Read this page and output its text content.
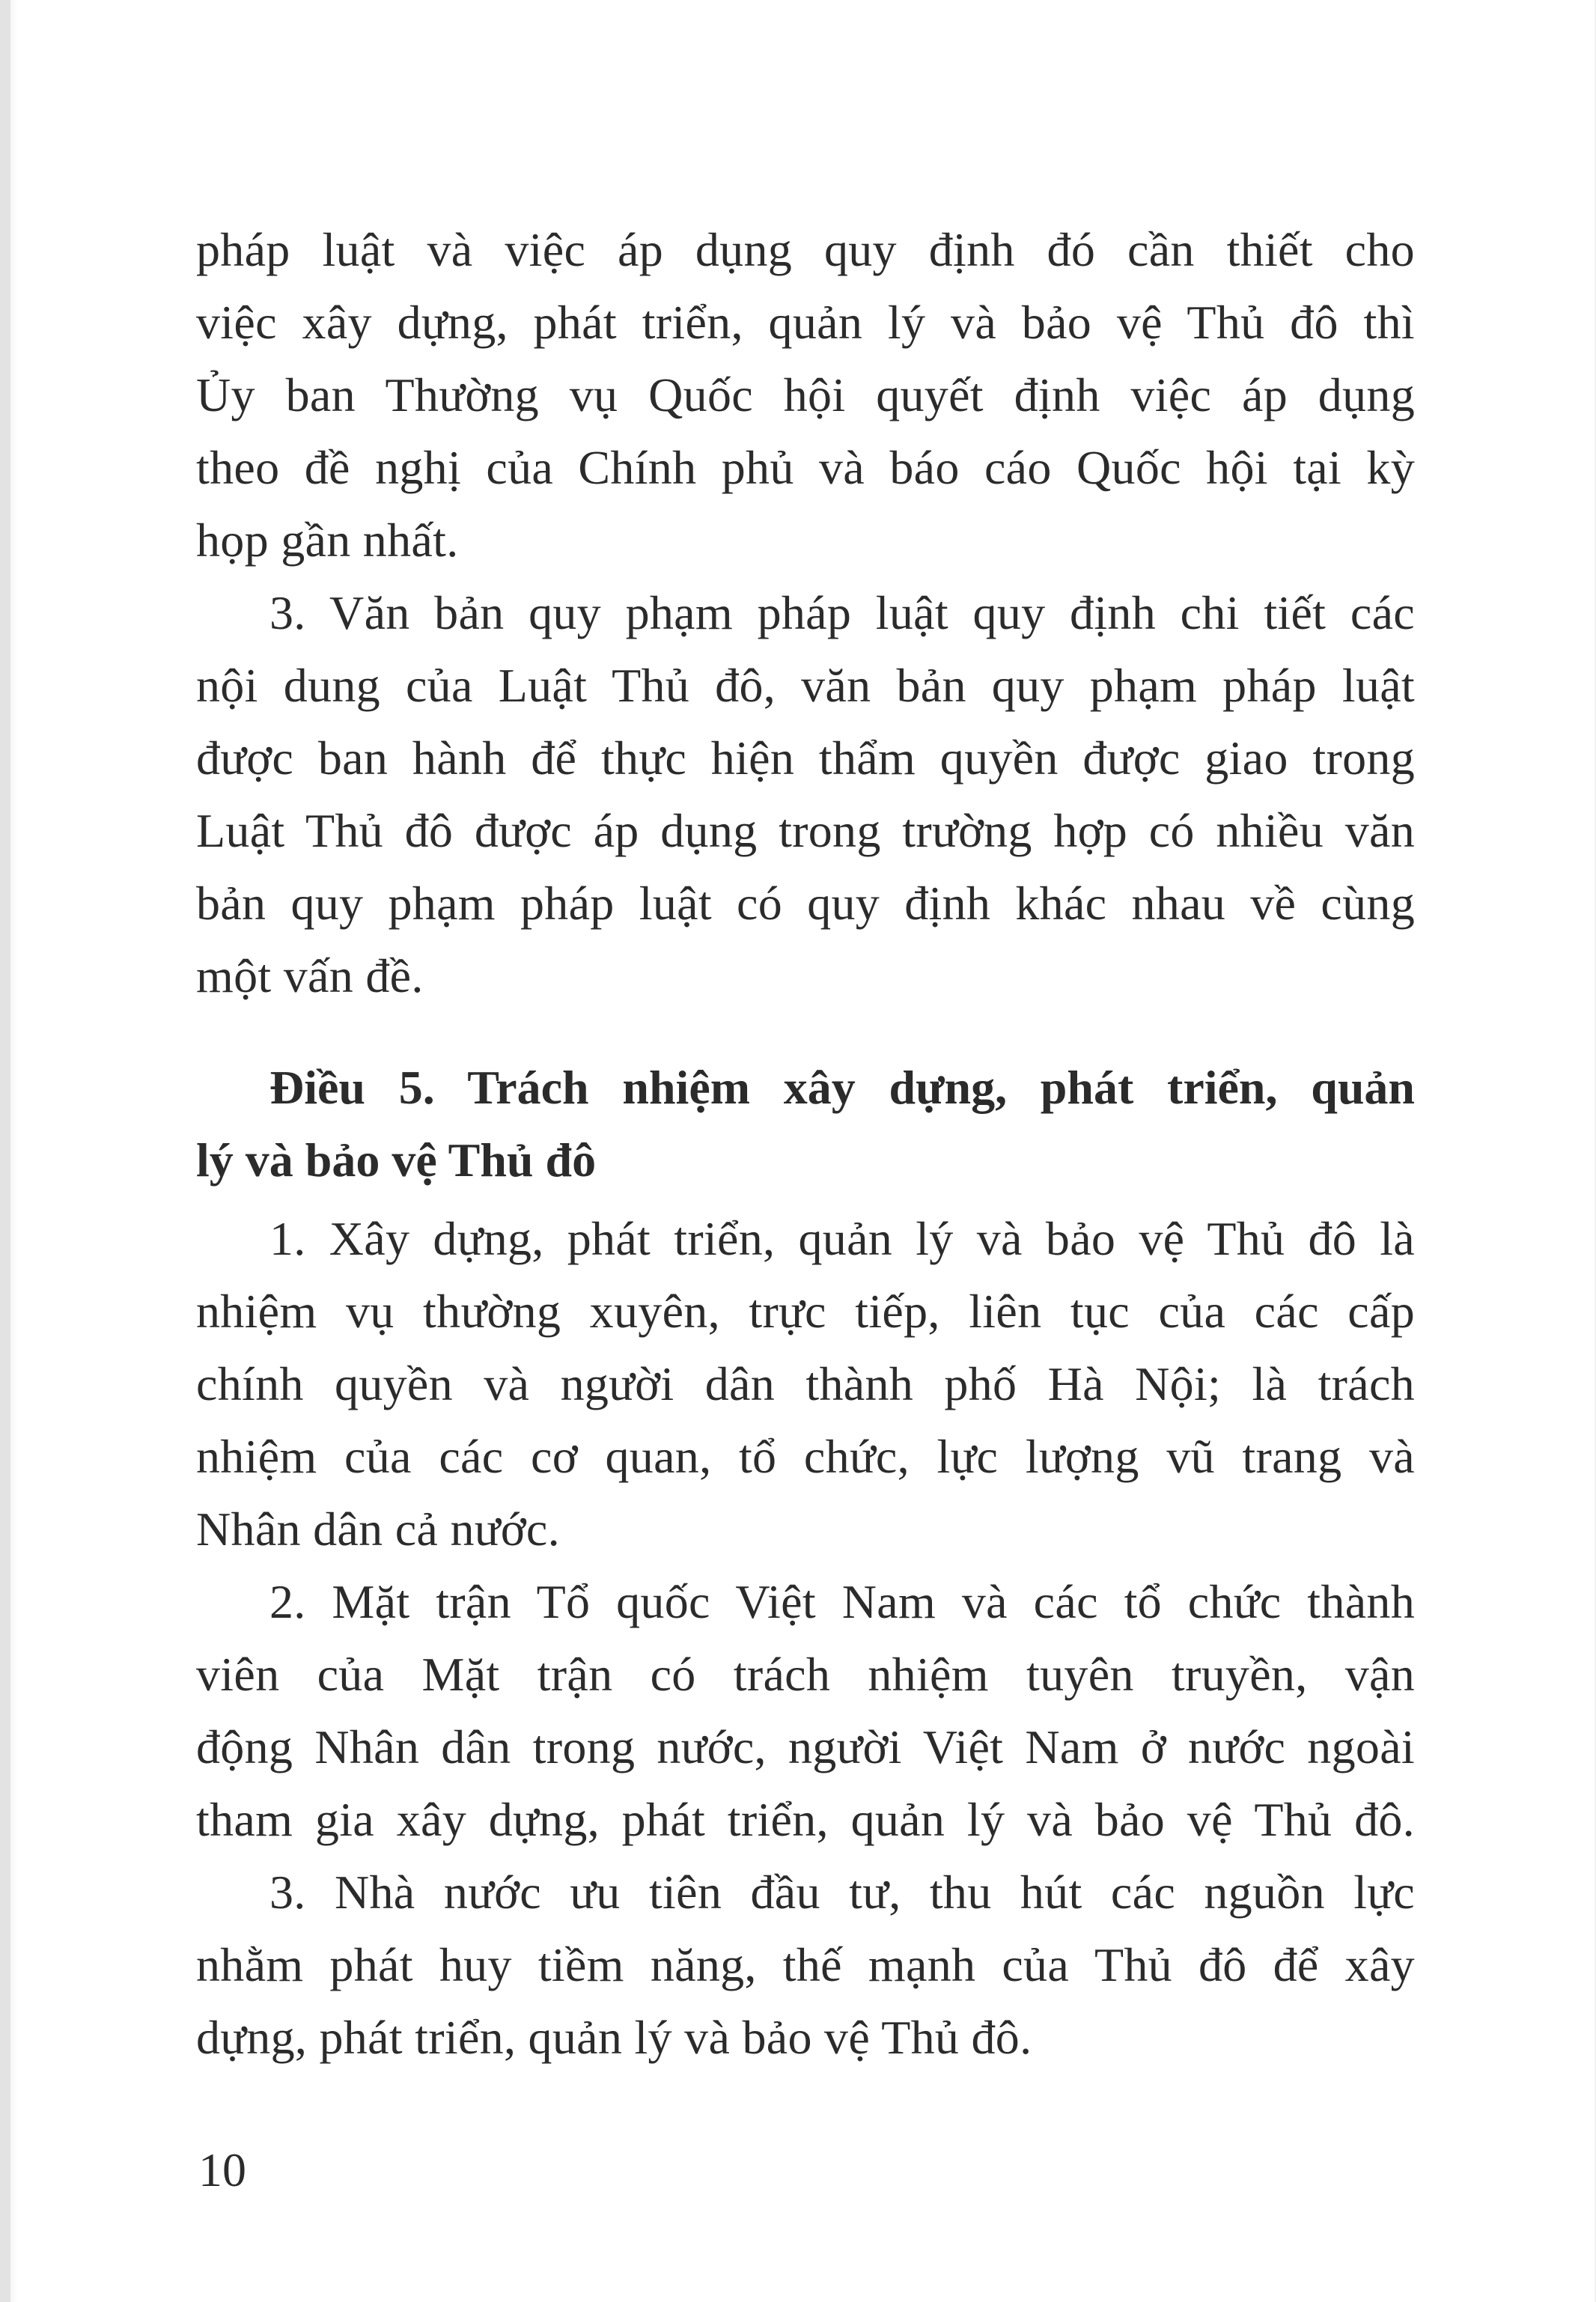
pháp luật và việc áp dụng quy định đó cần thiết cho
việc xây dựng, phát triển, quản lý và bảo vệ Thủ đô thì
Ủy ban Thường vụ Quốc hội quyết định việc áp dụng
theo đề nghị của Chính phủ và báo cáo Quốc hội tại kỳ
họp gần nhất.
3. Văn bản quy phạm pháp luật quy định chi tiết các
nội dung của Luật Thủ đô, văn bản quy phạm pháp luật
được ban hành để thực hiện thẩm quyền được giao trong
Luật Thủ đô được áp dụng trong trường hợp có nhiều văn
bản quy phạm pháp luật có quy định khác nhau về cùng
một vấn đề.
Điều 5. Trách nhiệm xây dựng, phát triển, quản
lý và bảo vệ Thủ đô
1. Xây dựng, phát triển, quản lý và bảo vệ Thủ đô là
nhiệm vụ thường xuyên, trực tiếp, liên tục của các cấp
chính quyền và người dân thành phố Hà Nội; là trách
nhiệm của các cơ quan, tổ chức, lực lượng vũ trang và
Nhân dân cả nước.
2. Mặt trận Tổ quốc Việt Nam và các tổ chức thành
viên của Mặt trận có trách nhiệm tuyên truyền, vận
động Nhân dân trong nước, người Việt Nam ở nước ngoài
tham gia xây dựng, phát triển, quản lý và bảo vệ Thủ đô.
3. Nhà nước ưu tiên đầu tư, thu hút các nguồn lực
nhằm phát huy tiềm năng, thế mạnh của Thủ đô để xây
dựng, phát triển, quản lý và bảo vệ Thủ đô.
10
